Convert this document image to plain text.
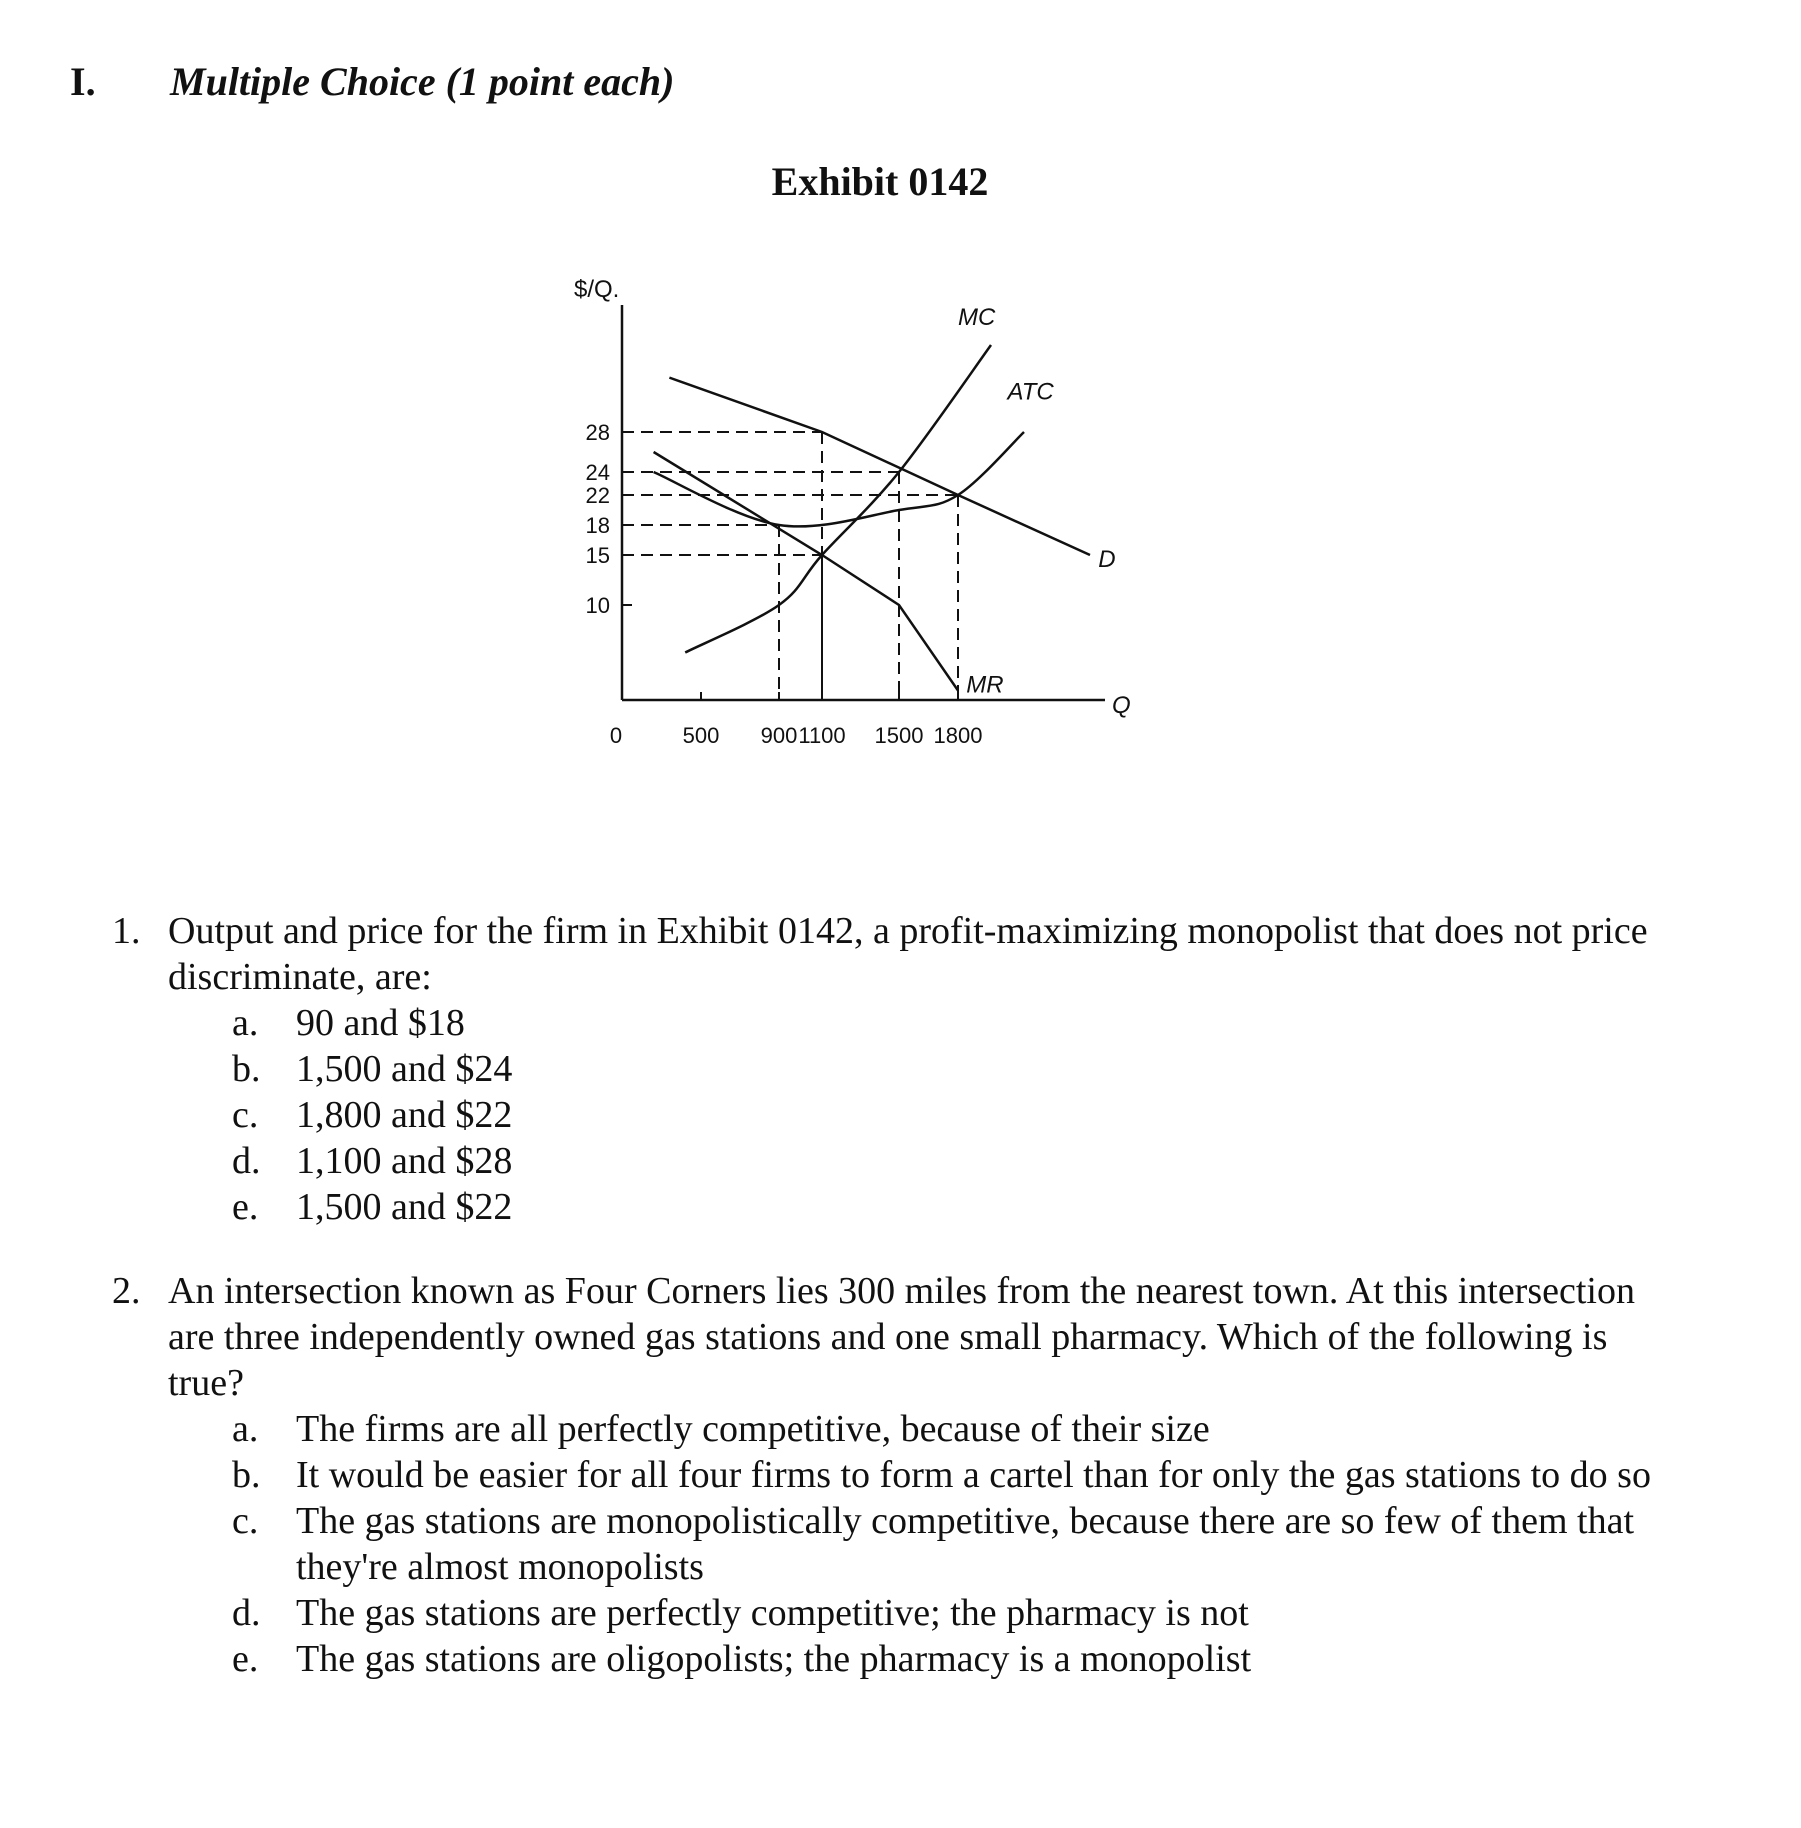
I. Multiple Choice (1 point each)
Exhibit 0142
$/Q.
Q
0
28
24
22
18
15
10
500 900 1100 1500 1800
D
MR
MC
ATC
1. Output and price for the firm in Exhibit 0142, a profit-maximizing monopolist that does not price discriminate, are:
a. 90 and $18
b. 1,500 and $24
c. 1,800 and $22
d. 1,100 and $28
e. 1,500 and $22
2. An intersection known as Four Corners lies 300 miles from the nearest town. At this intersection are three independently owned gas stations and one small pharmacy. Which of the following is true?
a. The firms are all perfectly competitive, because of their size
b. It would be easier for all four firms to form a cartel than for only the gas stations to do so
c. The gas stations are monopolistically competitive, because there are so few of them that they're almost monopolists
d. The gas stations are perfectly competitive; the pharmacy is not
e. The gas stations are oligopolists; the pharmacy is a monopolist
